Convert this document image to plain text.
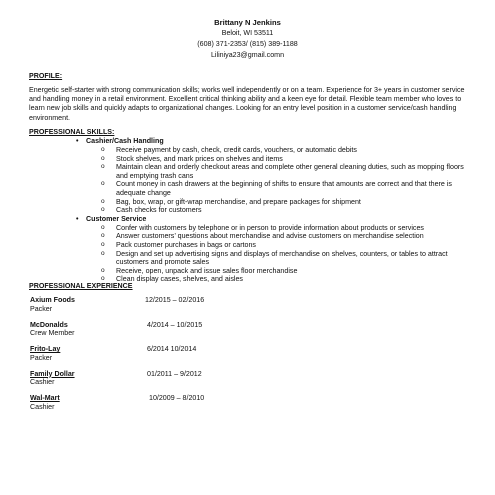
Brittany N Jenkins
Beloit, WI 53511
(608) 371-2353/ (815) 389-1188
Liliniya23@gmail.comn
PROFILE:
Energetic self-starter with strong communication skills; works well independently or on a team. Experience for 3+ years in customer service and handling money in a retail environment. Excellent critical thinking ability and a keen eye for detail. Flexible team member who loves to learn new job skills and quickly adapts to organizational changes. Looking for an entry level position in a customer service/cash handling environment.
PROFESSIONAL SKILLS:
• Cashier/Cash Handling
o Receive payment by cash, check, credit cards, vouchers, or automatic debits
o Stock shelves, and mark prices on shelves and items
o Maintain clean and orderly checkout areas and complete other general cleaning duties, such as mopping floors and emptying trash cans
o Count money in cash drawers at the beginning of shifts to ensure that amounts are correct and that there is adequate change
o Bag, box, wrap, or gift-wrap merchandise, and prepare packages for shipment
o Cash checks for customers
• Customer Service
o Confer with customers by telephone or in person to provide information about products or services
o Answer customers’ questions about merchandise and advise customers on merchandise selection
o Pack customer purchases in bags or cartons
o Design and set up advertising signs and displays of merchandise on shelves, counters, or tables to attract customers and promote sales
o Receive, open, unpack and issue sales floor merchandise
o Clean display cases, shelves, and aisles
PROFESSIONAL EXPERIENCE
Axium Foods	12/2015 – 02/2016
Packer
McDonalds	4/2014 – 10/2015
Crew Member
Frito-Lay	6/2014 10/2014
Packer
Family Dollar	01/2011 – 9/2012
Cashier
Wal-Mart	10/2009 – 8/2010
Cashier
